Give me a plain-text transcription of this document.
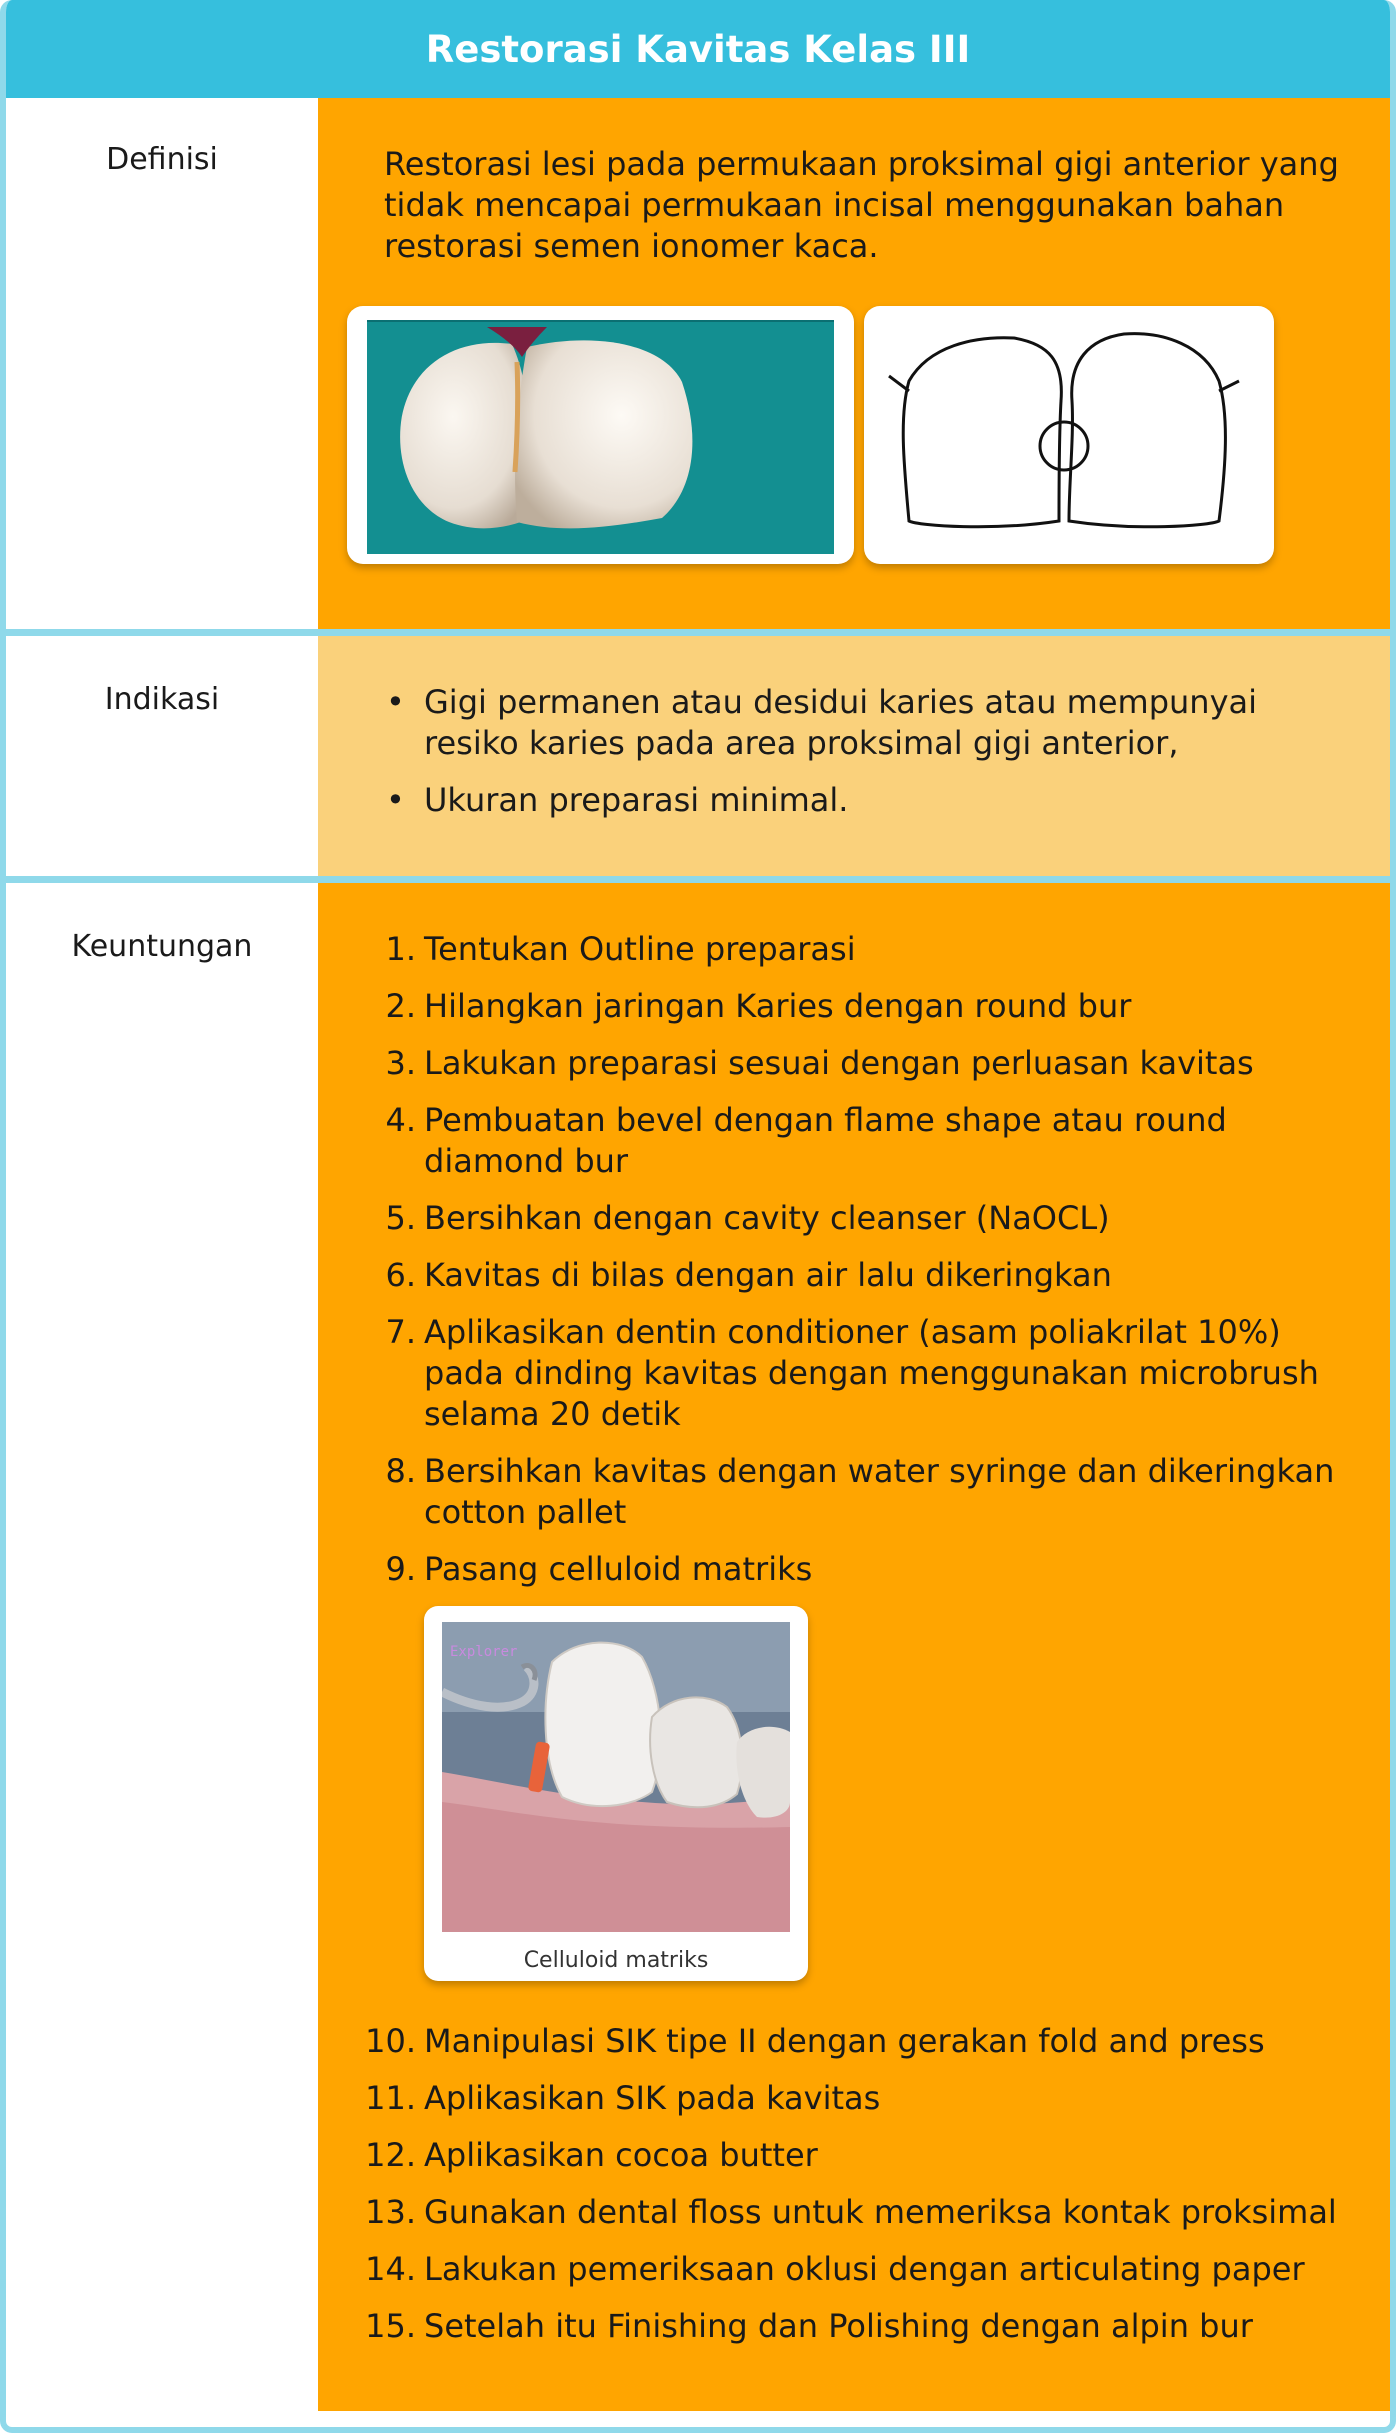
Restorasi Kavitas Kelas III
Definisi	Restorasi lesi pada permukaan proksimal gigi anterior yang tidak mencapai permukaan incisal menggunakan bahan restorasi semen ionomer kaca.
Indikasi	• Gigi permanen atau desidui karies atau mempunyai resiko karies pada area proksimal gigi anterior,
• Ukuran preparasi minimal.
Keuntungan	1. Tentukan Outline preparasi
2. Hilangkan jaringan Karies dengan round bur
3. Lakukan preparasi sesuai dengan perluasan kavitas
4. Pembuatan bevel dengan flame shape atau round diamond bur
5. Bersihkan dengan cavity cleanser (NaOCL)
6. Kavitas di bilas dengan air lalu dikeringkan
7. Aplikasikan dentin conditioner (asam poliakrilat 10%) pada dinding kavitas dengan menggunakan microbrush selama 20 detik
8. Bersihkan kavitas dengan water syringe dan dikeringkan cotton pallet
9. Pasang celluloid matriks
Explorer
Celluloid matriks
10. Manipulasi SIK tipe II dengan gerakan fold and press
11. Aplikasikan SIK pada kavitas
12. Aplikasikan cocoa butter
13. Gunakan dental floss untuk memeriksa kontak proksimal
14. Lakukan pemeriksaan oklusi dengan articulating paper
15. Setelah itu Finishing dan Polishing dengan alpin bur
